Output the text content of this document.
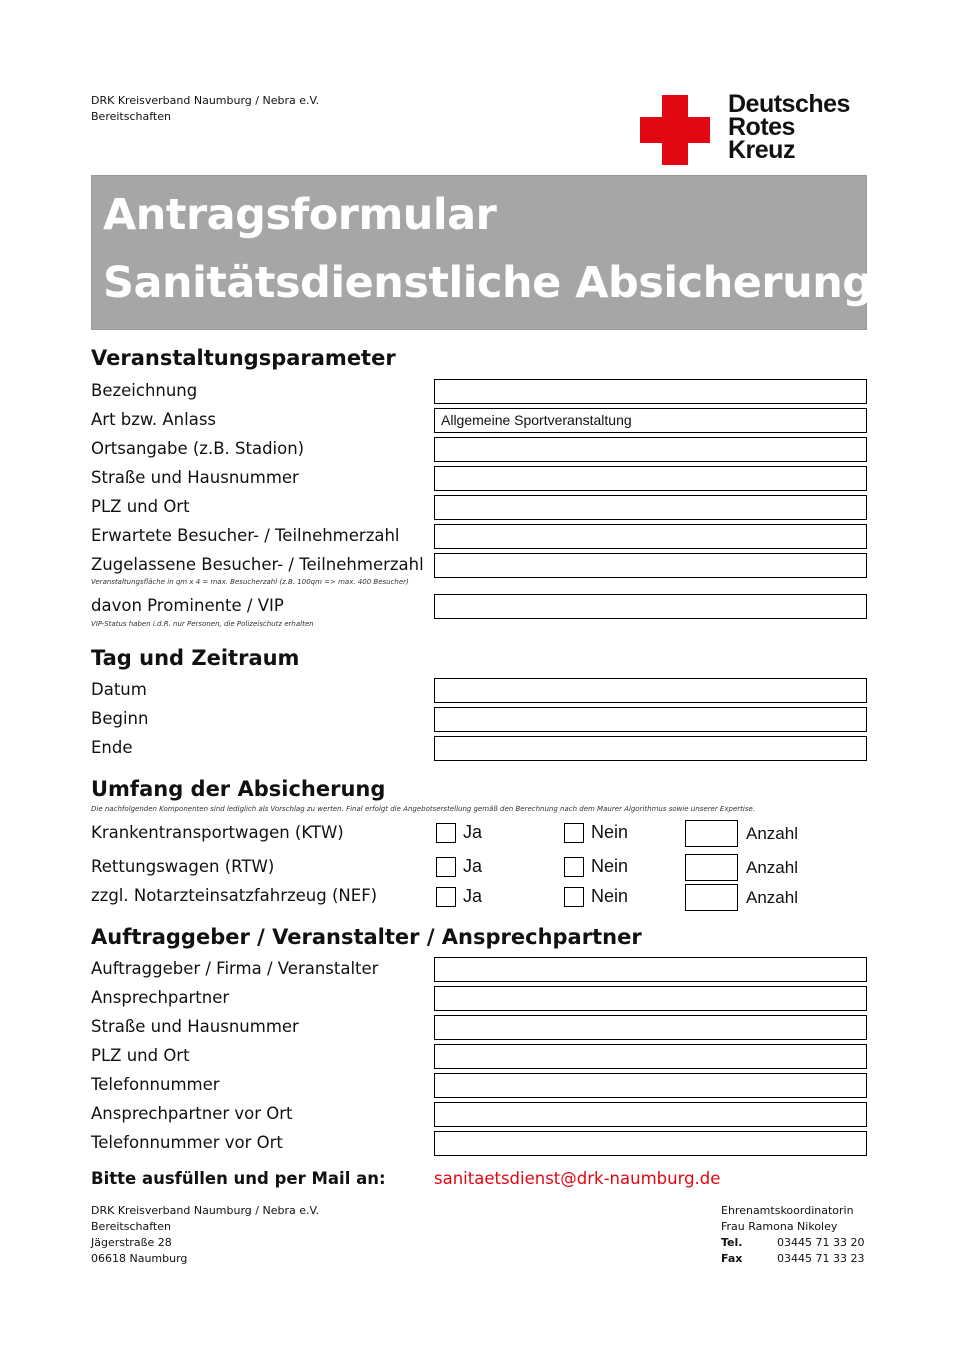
DRK Kreisverband Naumburg / Nebra e.V.
Bereitschaften	Deutsches
Rotes
Kreuz
Antragsformular
Sanitätsdienstliche Absicherung
Veranstaltungsparameter
Bezeichnung
Art bzw. Anlass	Allgemeine Sportveranstaltung
Ortsangabe (z.B. Stadion)
Straße und Hausnummer
PLZ und Ort
Erwartete Besucher- / Teilnehmerzahl
Zugelassene Besucher- / Teilnehmerzahl
Veranstaltungsfläche in qm x 4 = max. Besucherzahl (z.B. 100qm => max. 400 Besucher)
davon Prominente / VIP
VIP-Status haben i.d.R. nur Personen, die Polizeischutz erhalten
Tag und Zeitraum
Datum
Beginn
Ende
Umfang der Absicherung
Die nachfolgenden Komponenten sind lediglich als Vorschlag zu werten. Final erfolgt die Angebotserstellung gemäß den Berechnung nach dem Maurer Algorithmus sowie unserer Expertise.
Krankentransportwagen (KTW)	Ja	Nein	Anzahl
Rettungswagen (RTW)	Ja	Nein	Anzahl
zzgl. Notarzteinsatzfahrzeug (NEF)	Ja	Nein	Anzahl
Auftraggeber / Veranstalter / Ansprechpartner
Auftraggeber / Firma / Veranstalter
Ansprechpartner
Straße und Hausnummer
PLZ und Ort
Telefonnummer
Ansprechpartner vor Ort
Telefonnummer vor Ort
Bitte ausfüllen und per Mail an:	sanitaetsdienst@drk-naumburg.de
DRK Kreisverband Naumburg / Nebra e.V.
Bereitschaften
Jägerstraße 28
06618 Naumburg
Ehrenamtskoordinatorin
Frau Ramona Nikoley
Tel.	03445 71 33 20
Fax	03445 71 33 23
